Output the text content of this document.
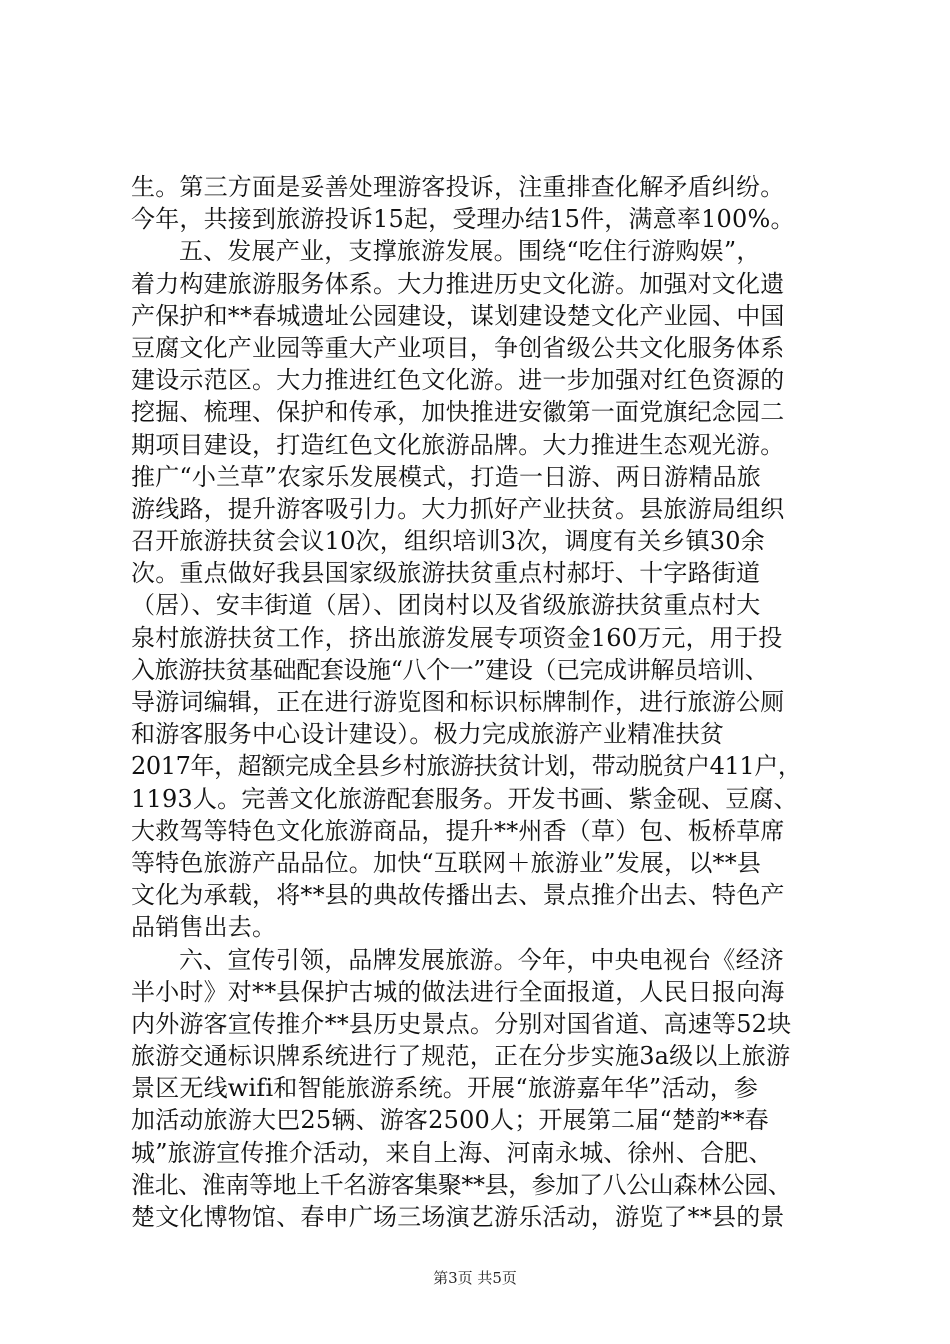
生。第三方面是妥善处理游客投诉，注重排查化解矛盾纠纷。
今年，共接到旅游投诉15起，受理办结15件，满意率100%。
五、发展产业，支撑旅游发展。围绕“吃住行游购娱”，
着力构建旅游服务体系。大力推进历史文化游。加强对文化遗
产保护和**春城遗址公园建设，谋划建设楚文化产业园、中国
豆腐文化产业园等重大产业项目，争创省级公共文化服务体系
建设示范区。大力推进红色文化游。进一步加强对红色资源的
挖掘、梳理、保护和传承，加快推进安徽第一面党旗纪念园二
期项目建设，打造红色文化旅游品牌。大力推进生态观光游。
推广“小兰草”农家乐发展模式，打造一日游、两日游精品旅
游线路，提升游客吸引力。大力抓好产业扶贫。县旅游局组织
召开旅游扶贫会议10次，组织培训3次，调度有关乡镇30余
次。重点做好我县国家级旅游扶贫重点村郝圩、十字路街道
（居）、安丰街道（居）、团岗村以及省级旅游扶贫重点村大
泉村旅游扶贫工作，挤出旅游发展专项资金160万元，用于投
入旅游扶贫基础配套设施“八个一”建设（已完成讲解员培训、
导游词编辑，正在进行游览图和标识标牌制作，进行旅游公厕
和游客服务中心设计建设）。极力完成旅游产业精准扶贫
2017年，超额完成全县乡村旅游扶贫计划，带动脱贫户411户，
1193人。完善文化旅游配套服务。开发书画、紫金砚、豆腐、
大救驾等特色文化旅游商品，提升**州香（草）包、板桥草席
等特色旅游产品品位。加快“互联网＋旅游业”发展，以**县
文化为承载，将**县的典故传播出去、景点推介出去、特色产
品销售出去。
六、宣传引领，品牌发展旅游。今年，中央电视台《经济
半小时》对**县保护古城的做法进行全面报道，人民日报向海
内外游客宣传推介**县历史景点。分别对国省道、高速等52块
旅游交通标识牌系统进行了规范，正在分步实施3a级以上旅游
景区无线wifi和智能旅游系统。开展“旅游嘉年华”活动，参
加活动旅游大巴25辆、游客2500人；开展第二届“楚韵**春
城”旅游宣传推介活动，来自上海、河南永城、徐州、合肥、
淮北、淮南等地上千名游客集聚**县，参加了八公山森林公园、
楚文化博物馆、春申广场三场演艺游乐活动，游览了**县的景
第3页 共5页
